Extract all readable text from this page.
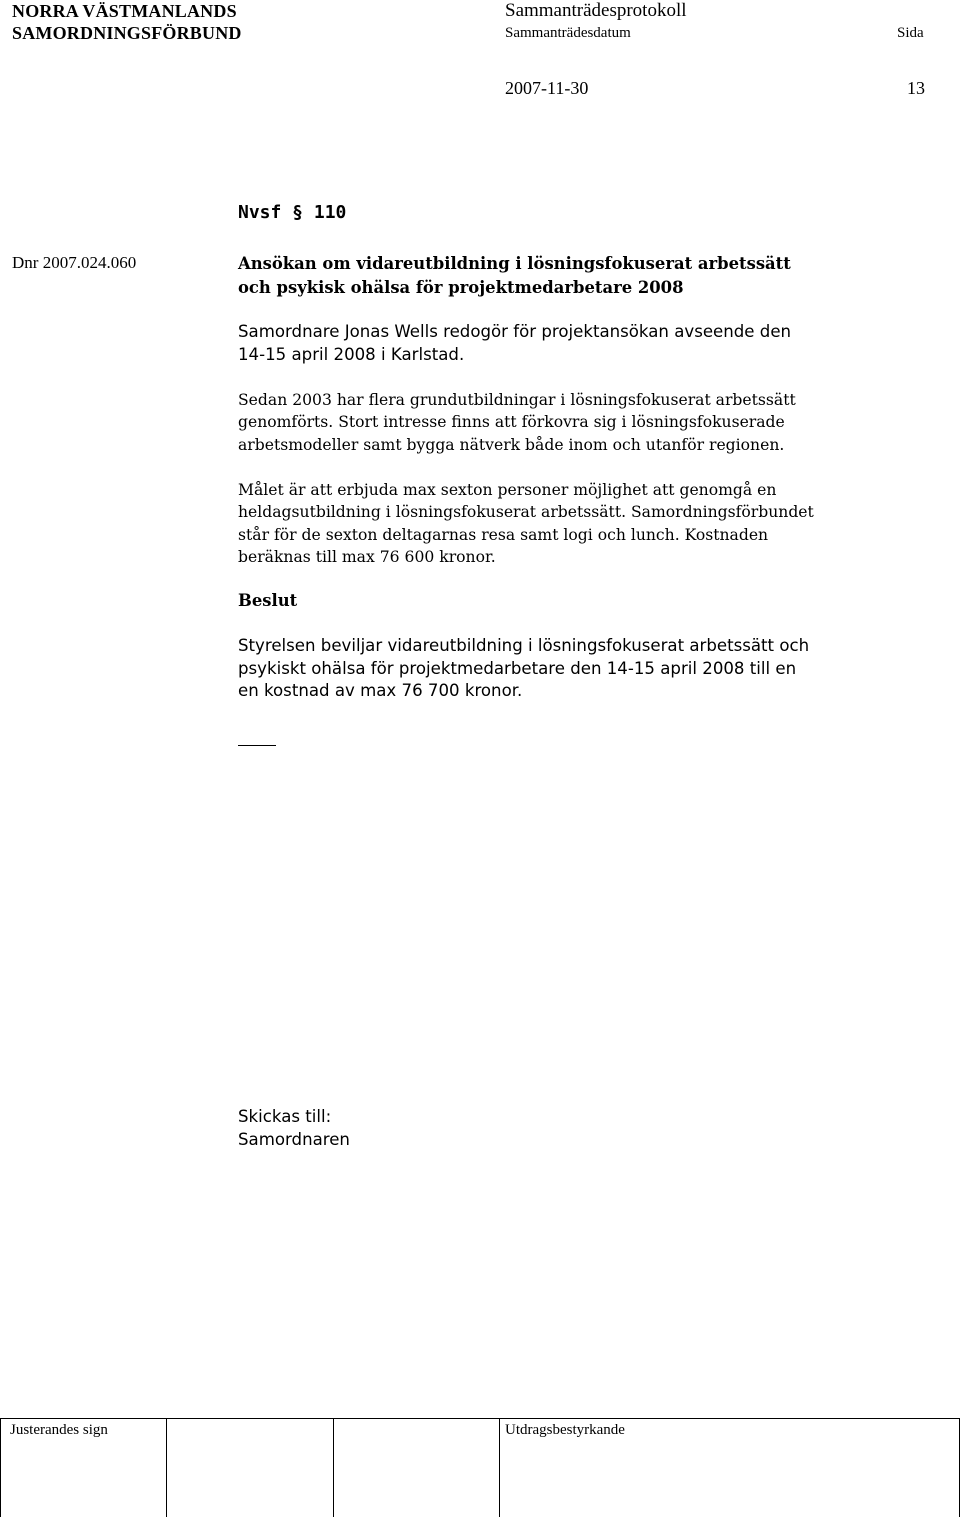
NORRA VÄSTMANLANDS
SAMORDNINGSFÖRBUND
Sammanträdesprotokoll
Sammanträdesdatum	Sida
2007-11-30	13
Nvsf § 110
Dnr 2007.024.060	Ansökan om vidareutbildning i lösningsfokuserat arbetssätt
och psykisk ohälsa för projektmedarbetare 2008
Samordnare Jonas Wells redogör för projektansökan avseende den
14-15 april 2008 i Karlstad.
Sedan 2003 har flera grundutbildningar i lösningsfokuserat arbetssätt
genomförts. Stort intresse finns att förkovra sig i lösningsfokuserade
arbetsmodeller samt bygga nätverk både inom och utanför regionen.
Målet är att erbjuda max sexton personer möjlighet att genomgå en
heldagsutbildning i lösningsfokuserat arbetssätt. Samordningsförbundet
står för de sexton deltagarnas resa samt logi och lunch. Kostnaden
beräknas till max 76 600 kronor.
Beslut
Styrelsen beviljar vidareutbildning i lösningsfokuserat arbetssätt och
psykiskt ohälsa för projektmedarbetare den 14-15 april 2008 till en
en kostnad av max 76 700 kronor.
Skickas till:
Samordnaren
Justerandes sign	Utdragsbestyrkande
